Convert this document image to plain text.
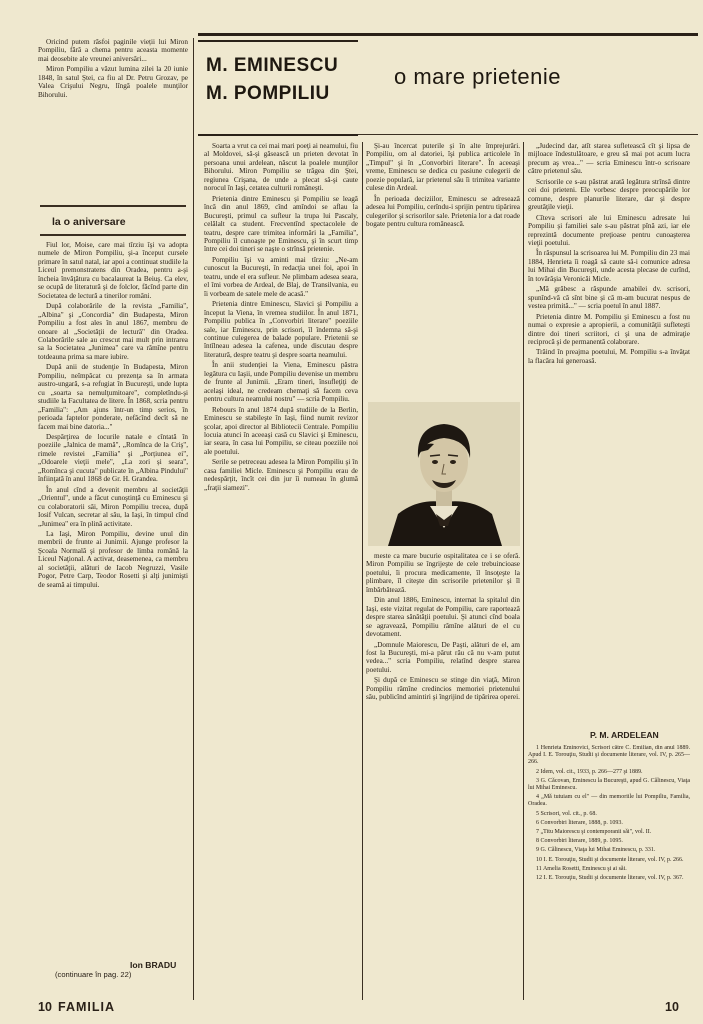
M. EMINESCU
M. POMPILIU
o mare prietenie

Oricind putem răsfoi paginile vieții lui Miron Pompiliu, fără a chema pentru aceasta momente mai deosebite ale vreunei aniversări...

Miron Pompiliu a văzut lumina zilei la 20 iunie 1848, în satul Ştei, ca fiu al Dr. Petru Grozav, pe Valea Crişului Negru, lîngă poalele munţilor Bihorului.

la o aniversare

Fiul lor, Moise, care mai tîrziu îşi va adopta numele de Miron Pompiliu, şi-a început cursele primare în satul natal, iar apoi a continuat studiile la Liceul premonstratens din Oradea, pentru a-şi încheia învăţătura cu bacalaureat la Beiuş. Ca elev, se ocupă de literatură şi de folclor, făcînd parte din Societatea de lectură a tinerilor români.

După colaborările de la revista „Familia", „Albina" şi „Concordia" din Budapesta, Miron Pompiliu a fost ales în anul 1867, membru de onoare al „Societăţii de lectură" din Oradea. Colaborările sale au crescut mai mult prin intrarea sa la Societatea „Junimea" care va rămîne pentru totdeauna prima sa mare iubire.

După anii de studenţie în Budapesta, Miron Pompiliu, neîmpăcat cu prezenţa sa în armata austro-ungară, s-a refugiat în Bucureşti, unde lupta cu „soarta sa nemulţumitoare", completîndu-şi studiile la Facultatea de litere. În 1868, scria pentru „Familia": „Am ajuns într-un timp serios, în perioada faptelor ponderate, nefăcînd decît să ne facem mai bine datoria..."

Despărţirea de locurile natale e cîntată în poeziile „Jalnica de mamă", „Romînca de la Criş", rimele revistei „Familia" şi „Porțiunea ei", „Odoarele vieţii mele", „La zori și seara", „Romînca şi cucuta" publicate în „Albina Pindului" înfiinţată în anul 1868 de Gr. H. Grandea.

În anul cînd a devenit membru al societăţii „Orientul", unde a făcut cunoştinţă cu Eminescu şi cu colaboratorii săi, Miron Pompiliu trecea, după Iosif Vulcan, secretar al său, la Iaşi, în timpul cînd „Junimea" era în plină activitate.

La Iaşi, Miron Pompiliu, devine unul din membrii de frunte ai Junimii. Ajunge profesor la Şcoala Normală şi profesor de limba română la Liceul Naţional. A activat, deasemenea, ca membru al societăţii, alături de Iacob Negruzzi, Vasile Pogor, Petre Carp, Teodor Rosetti şi alţi junimişti de seamă ai timpului.

Ion BRADU
(continuare în pag. 22)

Soarta a vrut ca cei mai mari poeţi ai neamului, fiu al Moldovei, să-şi găsească un prieten devotat în persoana unui ardelean, născut la poalele munţilor Bihorului. Miron Pompiliu se trăgea din Ştei, regiunea Crişana, de unde a plecat să-şi caute norocul în Iaşi, cetatea culturii româneşti.

Prietenia dintre Eminescu şi Pompiliu se leagă încă din anul 1869, cînd amîndoi se aflau la Bucureşti, primul ca sufleur la trupa lui Pascaly, celălalt ca student. Frecventînd spectacolele de teatru, despre care trimitea informări la „Familia", Pompiliu îl cunoaşte pe Eminescu, şi în scurt timp între cei doi tineri se naşte o strînsă prietenie.

Pompiliu îşi va aminti mai tîrziu: „Ne-am cunoscut la Bucureşti, în redacţia unei foi, apoi în teatru, unde el era sufleur. Ne plimbam adesea seara, el îmi vorbea de Ardeal, de Blaj, de Transilvania, eu îi vorbeam de satele mele de acasă."

Prietenia dintre Eminescu, Slavici şi Pompiliu a început la Viena, în vremea studiilor. În anul 1871, Pompiliu publica în „Convorbiri literare" poeziile sale, iar Eminescu, prin scrisori, îl îndemna să-şi continue culegerea de balade populare. Prietenii se întîlneau adesea la cafenea, unde discutau despre literatură, despre teatru şi despre soarta neamului.

În anii studenţiei la Viena, Eminescu păstra legătura cu Iaşii, unde Pompiliu devenise un membru de frunte al Junimii. „Eram tineri, însufleţiţi de acelaşi ideal, ne credeam chemaţi să facem ceva pentru cultura neamului nostru" — scria Pompiliu.

Rebours în anul 1874 după studiile de la Berlin, Eminescu se stabileşte în Iaşi, fiind numit revizor şcolar, apoi director al Bibliotecii Centrale. Pompiliu locuia atunci în aceeaşi casă cu Slavici şi Eminescu, iar seara, în casa lui Pompiliu, se citeau poeziile noi ale poetului.

Serile se petreceau adesea la Miron Pompiliu şi în casa familiei Micle. Eminescu şi Pompiliu erau de nedespărţit, încît cei din jur îi numeau în glumă „fraţii siamezi".

Şi-au încercat puterile şi în alte împrejurări. Pompiliu, om al datoriei, îşi publica articolele în „Timpul" şi în „Convorbiri literare". În aceeaşi vreme, Eminescu se dedica cu pasiune culegerii de poezie populară, iar prietenul său îi trimitea variante culese din Ardeal.

În perioada deciziilor, Eminescu se adresează adesea lui Pompiliu, cerîndu-i sprijin pentru tipărirea culegerilor şi scrisorilor sale. Prietenia lor a dat roade bogate pentru cultura românească.

meste ca mare bucurie ospitalitatea ce i se oferă. Miron Pompiliu se îngrijeşte de cele trebuincioase poetului, îi procura medicamente, îl însoţeşte la plimbare, îl citeşte din scrisorile prietenilor şi îl îmbărbătează.

Din anul 1886, Eminescu, internat la spitalul din Iaşi, este vizitat regulat de Pompiliu, care raportează despre starea sănătăţii poetului. Şi atunci cînd boala se agravează, Pompiliu rămîne alături de el cu devotament.

„Domnule Maiorescu, De Paşti, alături de el, am fost la Bucureşti, mi-a părut rău că nu v-am putut vedea..." scria Pompiliu, relatînd despre starea poetului.

Şi după ce Eminescu se stinge din viaţă, Miron Pompiliu rămîne credincios memoriei prietenului său, publicînd amintiri şi îngrijind de tipărirea operei.

„Judecind dar, atît starea sufletească cît şi lipsa de mijloace îndestulătoare, e greu să mai pot acum lucra precum aş vrea..." — scria Eminescu într-o scrisoare către prietenul său.

Scrisorile ce s-au păstrat arată legătura strînsă dintre cei doi prieteni. Ele vorbesc despre preocupările lor comune, despre planurile literare, dar şi despre greutăţile vieţii.

Cîteva scrisori ale lui Eminescu adresate lui Pompiliu şi familiei sale s-au păstrat pînă azi, iar ele reprezintă documente preţioase pentru cunoaşterea vieţii poetului.

În răspunsul la scrisoarea lui M. Pompiliu din 23 mai 1884, Henrieta îi roagă să caute să-i comunice adresa lui Mihai din Bucureşti, unde acesta plecase de curînd, în tovărăşia Veronicăi Micle.

„Mă grăbesc a răspunde amabilei dv. scrisori, spunînd-vă că sînt bine şi că m-am bucurat nespus de vestea primită..." — scria poetul în anul 1887.

Prietenia dintre M. Pompiliu şi Eminescu a fost nu numai o expresie a apropierii, a comunităţii sufleteşti dintre doi tineri scriitori, ci şi una de admiraţie reciprocă şi de permanentă colaborare.

Trăind în preajma poetului, M. Pompiliu s-a învăţat la flacăra lui generoasă.

P. M. ARDELEAN

1 Henrieta Eminovici, Scrisori către C. Emilian, din anul 1889. Apud I. E. Torouţiu, Studii şi documente literare, vol. IV, p. 265—266.

2 Idem, vol. cit., 1933, p. 266—277 şi 1889.

3 G. Căcovan, Eminescu la Bucureşti, apud G. Călinescu, Viaţa lui Mihai Eminescu.

4 „Mă tutuiam cu el" — din memoriile lui Pompiliu, Familia, Oradea.

5 Scrisori, vol. cit., p. 68.

6 Convorbiri literare, 1888, p. 1093.

7 „Titu Maiorescu şi contemporanii săi", vol. II.

8 Convorbiri literare, 1889, p. 1095.

9 G. Călinescu, Viaţa lui Mihai Eminescu, p. 331.

10 I. E. Torouţiu, Studii şi documente literare, vol. IV, p. 266.

11 Amelia Rosetti, Eminescu şi ai săi.

12 I. E. Torouţiu, Studii şi documente literare, vol. IV, p. 367.

10 FAMILIA	10
